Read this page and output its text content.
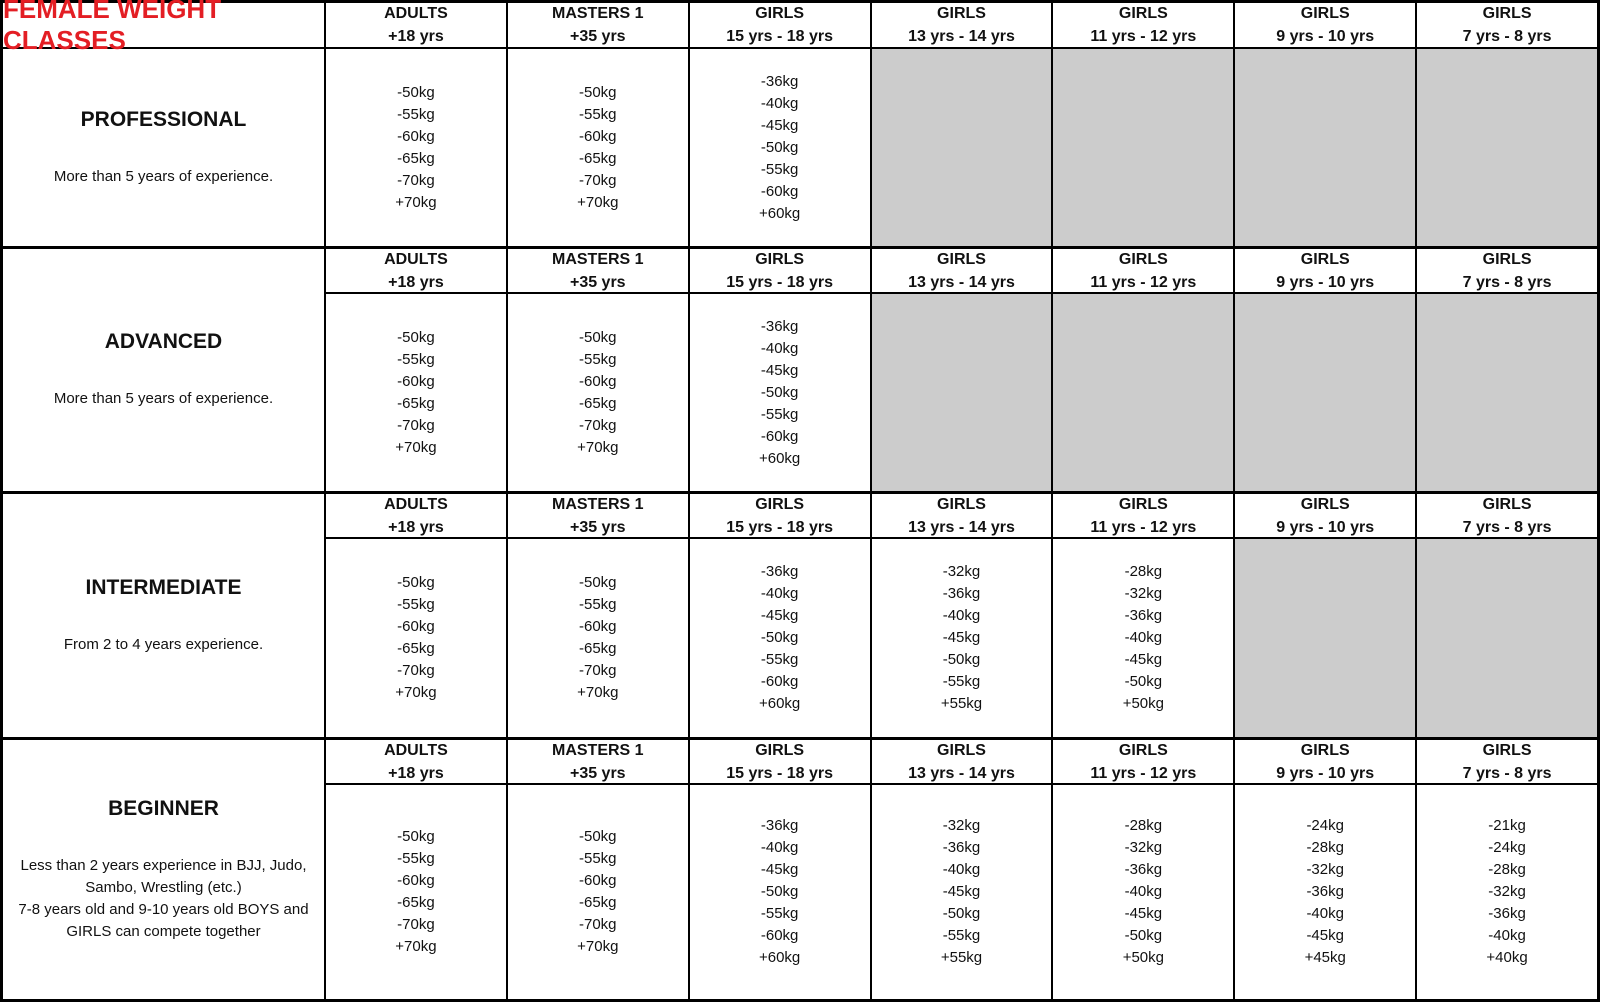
FEMALE WEIGHT CLASSES
ADULTS
+18 yrs
MASTERS 1
+35 yrs
GIRLS
15 yrs - 18 yrs
GIRLS
13 yrs - 14 yrs
GIRLS
11 yrs - 12 yrs
GIRLS
9 yrs - 10 yrs
GIRLS
7 yrs - 8 yrs
PROFESSIONAL
More than 5 years of experience.
-50kg
-55kg
-60kg
-65kg
-70kg
+70kg
-50kg
-55kg
-60kg
-65kg
-70kg
+70kg
-36kg
-40kg
-45kg
-50kg
-55kg
-60kg
+60kg
ADVANCED
More than 5 years of experience.
ADULTS
+18 yrs
MASTERS 1
+35 yrs
GIRLS
15 yrs - 18 yrs
GIRLS
13 yrs - 14 yrs
GIRLS
11 yrs - 12 yrs
GIRLS
9 yrs - 10 yrs
GIRLS
7 yrs - 8 yrs
-50kg
-55kg
-60kg
-65kg
-70kg
+70kg
-50kg
-55kg
-60kg
-65kg
-70kg
+70kg
-36kg
-40kg
-45kg
-50kg
-55kg
-60kg
+60kg
INTERMEDIATE
From 2 to 4 years experience.
ADULTS
+18 yrs
MASTERS 1
+35 yrs
GIRLS
15 yrs - 18 yrs
GIRLS
13 yrs - 14 yrs
GIRLS
11 yrs - 12 yrs
GIRLS
9 yrs - 10 yrs
GIRLS
7 yrs - 8 yrs
-50kg
-55kg
-60kg
-65kg
-70kg
+70kg
-50kg
-55kg
-60kg
-65kg
-70kg
+70kg
-36kg
-40kg
-45kg
-50kg
-55kg
-60kg
+60kg
-32kg
-36kg
-40kg
-45kg
-50kg
-55kg
+55kg
-28kg
-32kg
-36kg
-40kg
-45kg
-50kg
+50kg
BEGINNER
Less than 2 years experience in BJJ, Judo,
Sambo, Wrestling (etc.)
7-8 years old and 9-10 years old BOYS and
GIRLS can compete together
ADULTS
+18 yrs
MASTERS 1
+35 yrs
GIRLS
15 yrs - 18 yrs
GIRLS
13 yrs - 14 yrs
GIRLS
11 yrs - 12 yrs
GIRLS
9 yrs - 10 yrs
GIRLS
7 yrs - 8 yrs
-50kg
-55kg
-60kg
-65kg
-70kg
+70kg
-50kg
-55kg
-60kg
-65kg
-70kg
+70kg
-36kg
-40kg
-45kg
-50kg
-55kg
-60kg
+60kg
-32kg
-36kg
-40kg
-45kg
-50kg
-55kg
+55kg
-28kg
-32kg
-36kg
-40kg
-45kg
-50kg
+50kg
-24kg
-28kg
-32kg
-36kg
-40kg
-45kg
+45kg
-21kg
-24kg
-28kg
-32kg
-36kg
-40kg
+40kg
